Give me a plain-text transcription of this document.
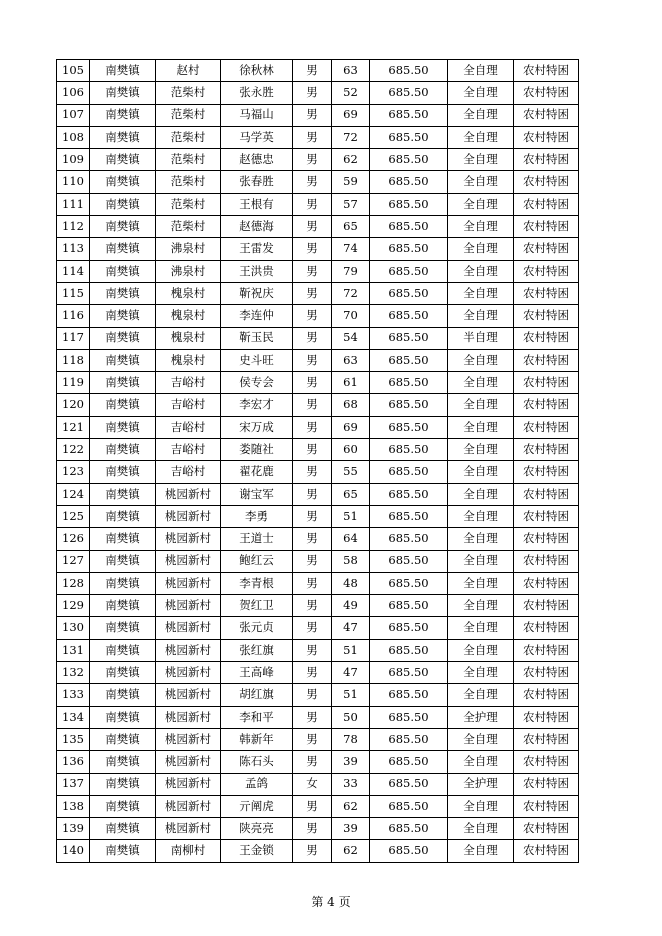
105	南樊镇	赵村	徐秋林	男	63	685.50	全自理	农村特困
106	南樊镇	范柴村	张永胜	男	52	685.50	全自理	农村特困
107	南樊镇	范柴村	马福山	男	69	685.50	全自理	农村特困
108	南樊镇	范柴村	马学英	男	72	685.50	全自理	农村特困
109	南樊镇	范柴村	赵德忠	男	62	685.50	全自理	农村特困
110	南樊镇	范柴村	张春胜	男	59	685.50	全自理	农村特困
111	南樊镇	范柴村	王根有	男	57	685.50	全自理	农村特困
112	南樊镇	范柴村	赵德海	男	65	685.50	全自理	农村特困
113	南樊镇	沸泉村	王雷发	男	74	685.50	全自理	农村特困
114	南樊镇	沸泉村	王洪贵	男	79	685.50	全自理	农村特困
115	南樊镇	槐泉村	靳祝庆	男	72	685.50	全自理	农村特困
116	南樊镇	槐泉村	李连仲	男	70	685.50	全自理	农村特困
117	南樊镇	槐泉村	靳玉民	男	54	685.50	半自理	农村特困
118	南樊镇	槐泉村	史斗旺	男	63	685.50	全自理	农村特困
119	南樊镇	吉峪村	侯专会	男	61	685.50	全自理	农村特困
120	南樊镇	吉峪村	李宏才	男	68	685.50	全自理	农村特困
121	南樊镇	吉峪村	宋万成	男	69	685.50	全自理	农村特困
122	南樊镇	吉峪村	娄随社	男	60	685.50	全自理	农村特困
123	南樊镇	吉峪村	翟花鹿	男	55	685.50	全自理	农村特困
124	南樊镇	桃园新村	谢宝军	男	65	685.50	全自理	农村特困
125	南樊镇	桃园新村	李勇	男	51	685.50	全自理	农村特困
126	南樊镇	桃园新村	王道士	男	64	685.50	全自理	农村特困
127	南樊镇	桃园新村	鲍红云	男	58	685.50	全自理	农村特困
128	南樊镇	桃园新村	李青根	男	48	685.50	全自理	农村特困
129	南樊镇	桃园新村	贺红卫	男	49	685.50	全自理	农村特困
130	南樊镇	桃园新村	张元贞	男	47	685.50	全自理	农村特困
131	南樊镇	桃园新村	张红旗	男	51	685.50	全自理	农村特困
132	南樊镇	桃园新村	王高峰	男	47	685.50	全自理	农村特困
133	南樊镇	桃园新村	胡红旗	男	51	685.50	全自理	农村特困
134	南樊镇	桃园新村	李和平	男	50	685.50	全护理	农村特困
135	南樊镇	桃园新村	韩新年	男	78	685.50	全自理	农村特困
136	南樊镇	桃园新村	陈石头	男	39	685.50	全自理	农村特困
137	南樊镇	桃园新村	孟鸽	女	33	685.50	全护理	农村特困
138	南樊镇	桃园新村	亓阐虎	男	62	685.50	全自理	农村特困
139	南樊镇	桃园新村	陕亮亮	男	39	685.50	全自理	农村特困
140	南樊镇	南柳村	王金锁	男	62	685.50	全自理	农村特困
第 4 页
